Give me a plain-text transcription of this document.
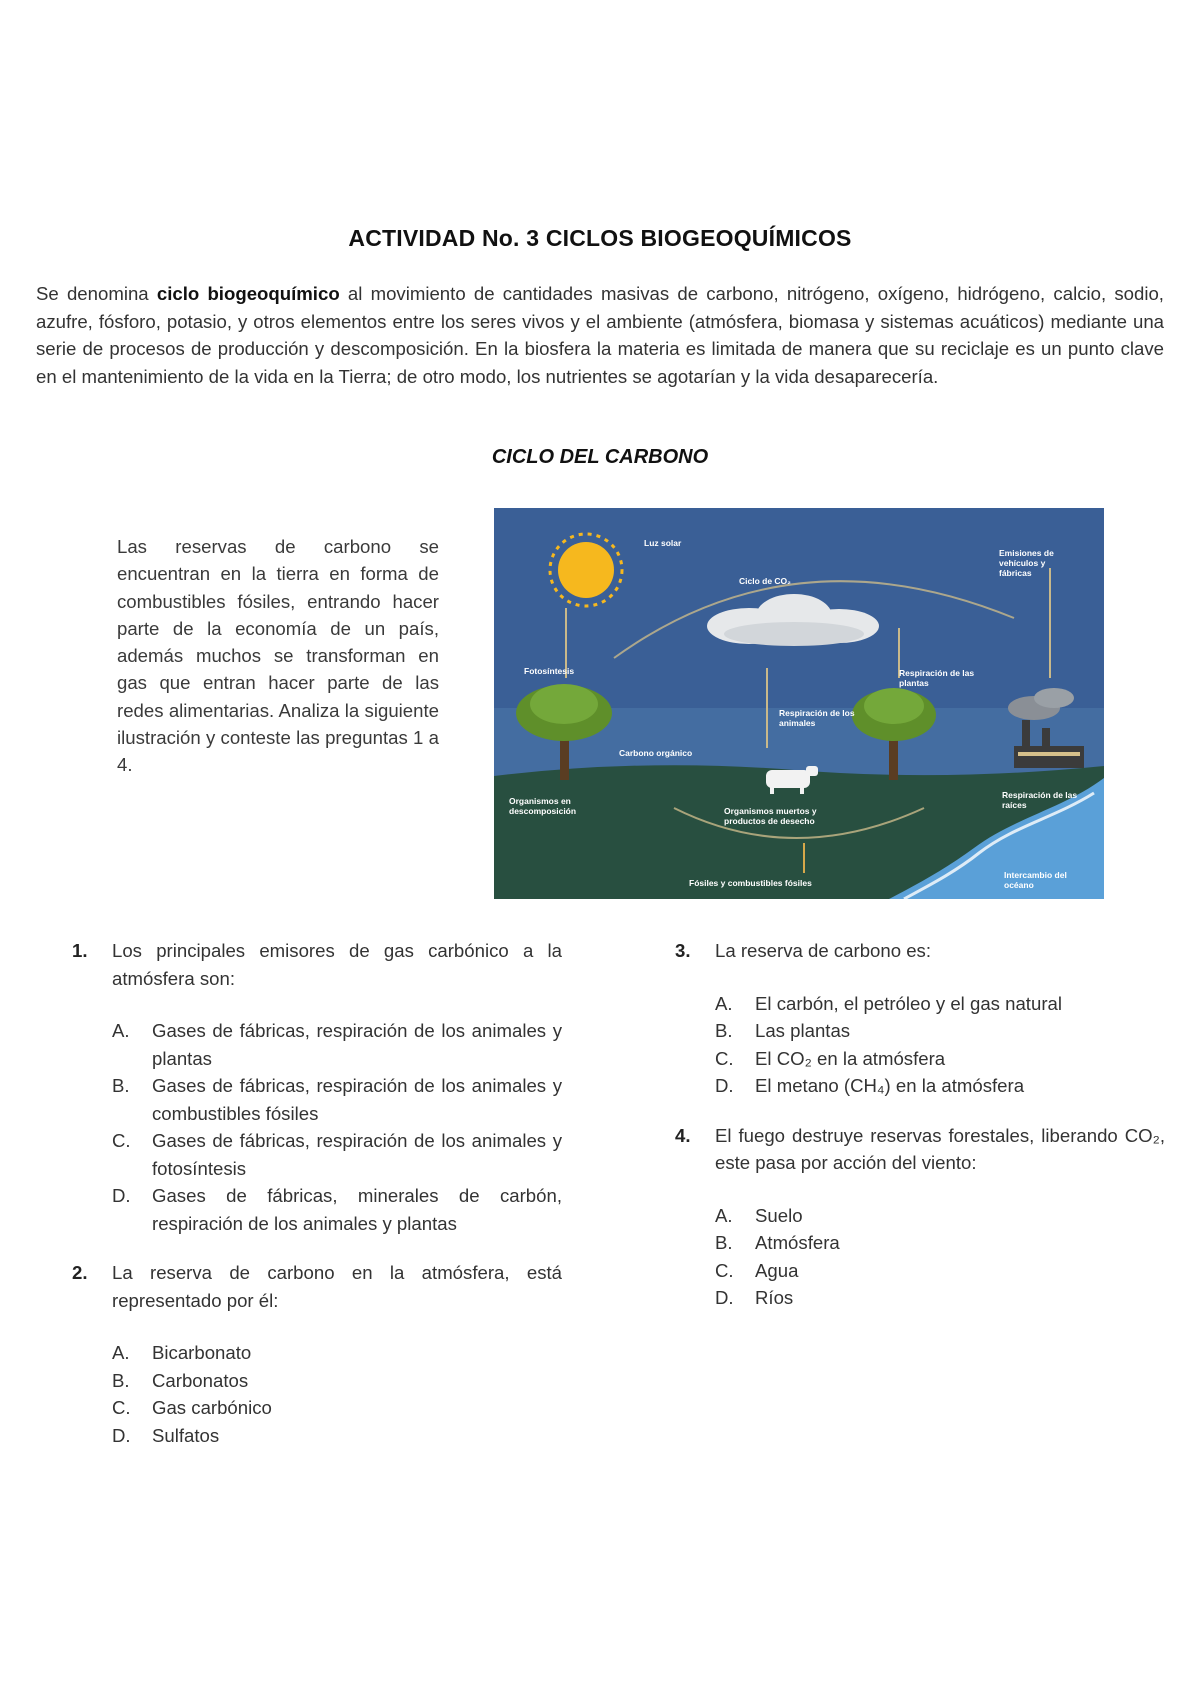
ACTIVIDAD No. 3 CICLOS BIOGEOQUÍMICOS

Se denomina ciclo biogeoquímico al movimiento de cantidades masivas de carbono, nitrógeno, oxígeno, hidrógeno, calcio, sodio, azufre, fósforo, potasio, y otros elementos entre los seres vivos y el ambiente (atmósfera, biomasa y sistemas acuáticos) mediante una serie de procesos de producción y descomposición. En la biosfera la materia es limitada de manera que su reciclaje es un punto clave en el mantenimiento de la vida en la Tierra; de otro modo, los nutrientes se agotarían y la vida desaparecería.

CICLO DEL CARBONO

Las reservas de carbono se encuentran en la tierra en forma de combustibles fósiles, entrando hacer parte de la economía de un país, además muchos se transforman en gas que entran hacer parte de las redes alimentarias. Analiza la siguiente ilustración y conteste las preguntas 1 a 4.

Luz solar
Ciclo de CO₂
Emisiones de vehículos y fábricas
Fotosíntesis	Respiración de las plantas
Respiración de los animales
Carbono orgánico
Organismos en descomposición	Organismos muertos y productos de desecho
Respiración de las raíces
Fósiles y combustibles fósiles
Intercambio del océano
1.	Los principales emisores de gas carbónico a la atmósfera son:
A.	Gases de fábricas, respiración de los animales y plantas
B.	Gases de fábricas, respiración de los animales y combustibles fósiles
C.	Gases de fábricas, respiración de los animales y fotosíntesis
D.	Gases de fábricas, minerales de carbón, respiración de los animales y plantas
2.	La reserva de carbono en la atmósfera, está representado por él:
A.	Bicarbonato
B.	Carbonatos
C.	Gas carbónico
D.	Sulfatos
3.	La reserva de carbono es:
A.	El carbón, el petróleo y el gas natural
B.	Las plantas
C.	El CO₂ en la atmósfera
D.	El metano (CH₄) en la atmósfera
4.	El fuego destruye reservas forestales, liberando CO₂, este pasa por acción del viento:
A.	Suelo
B.	Atmósfera
C.	Agua
D.	Ríos
